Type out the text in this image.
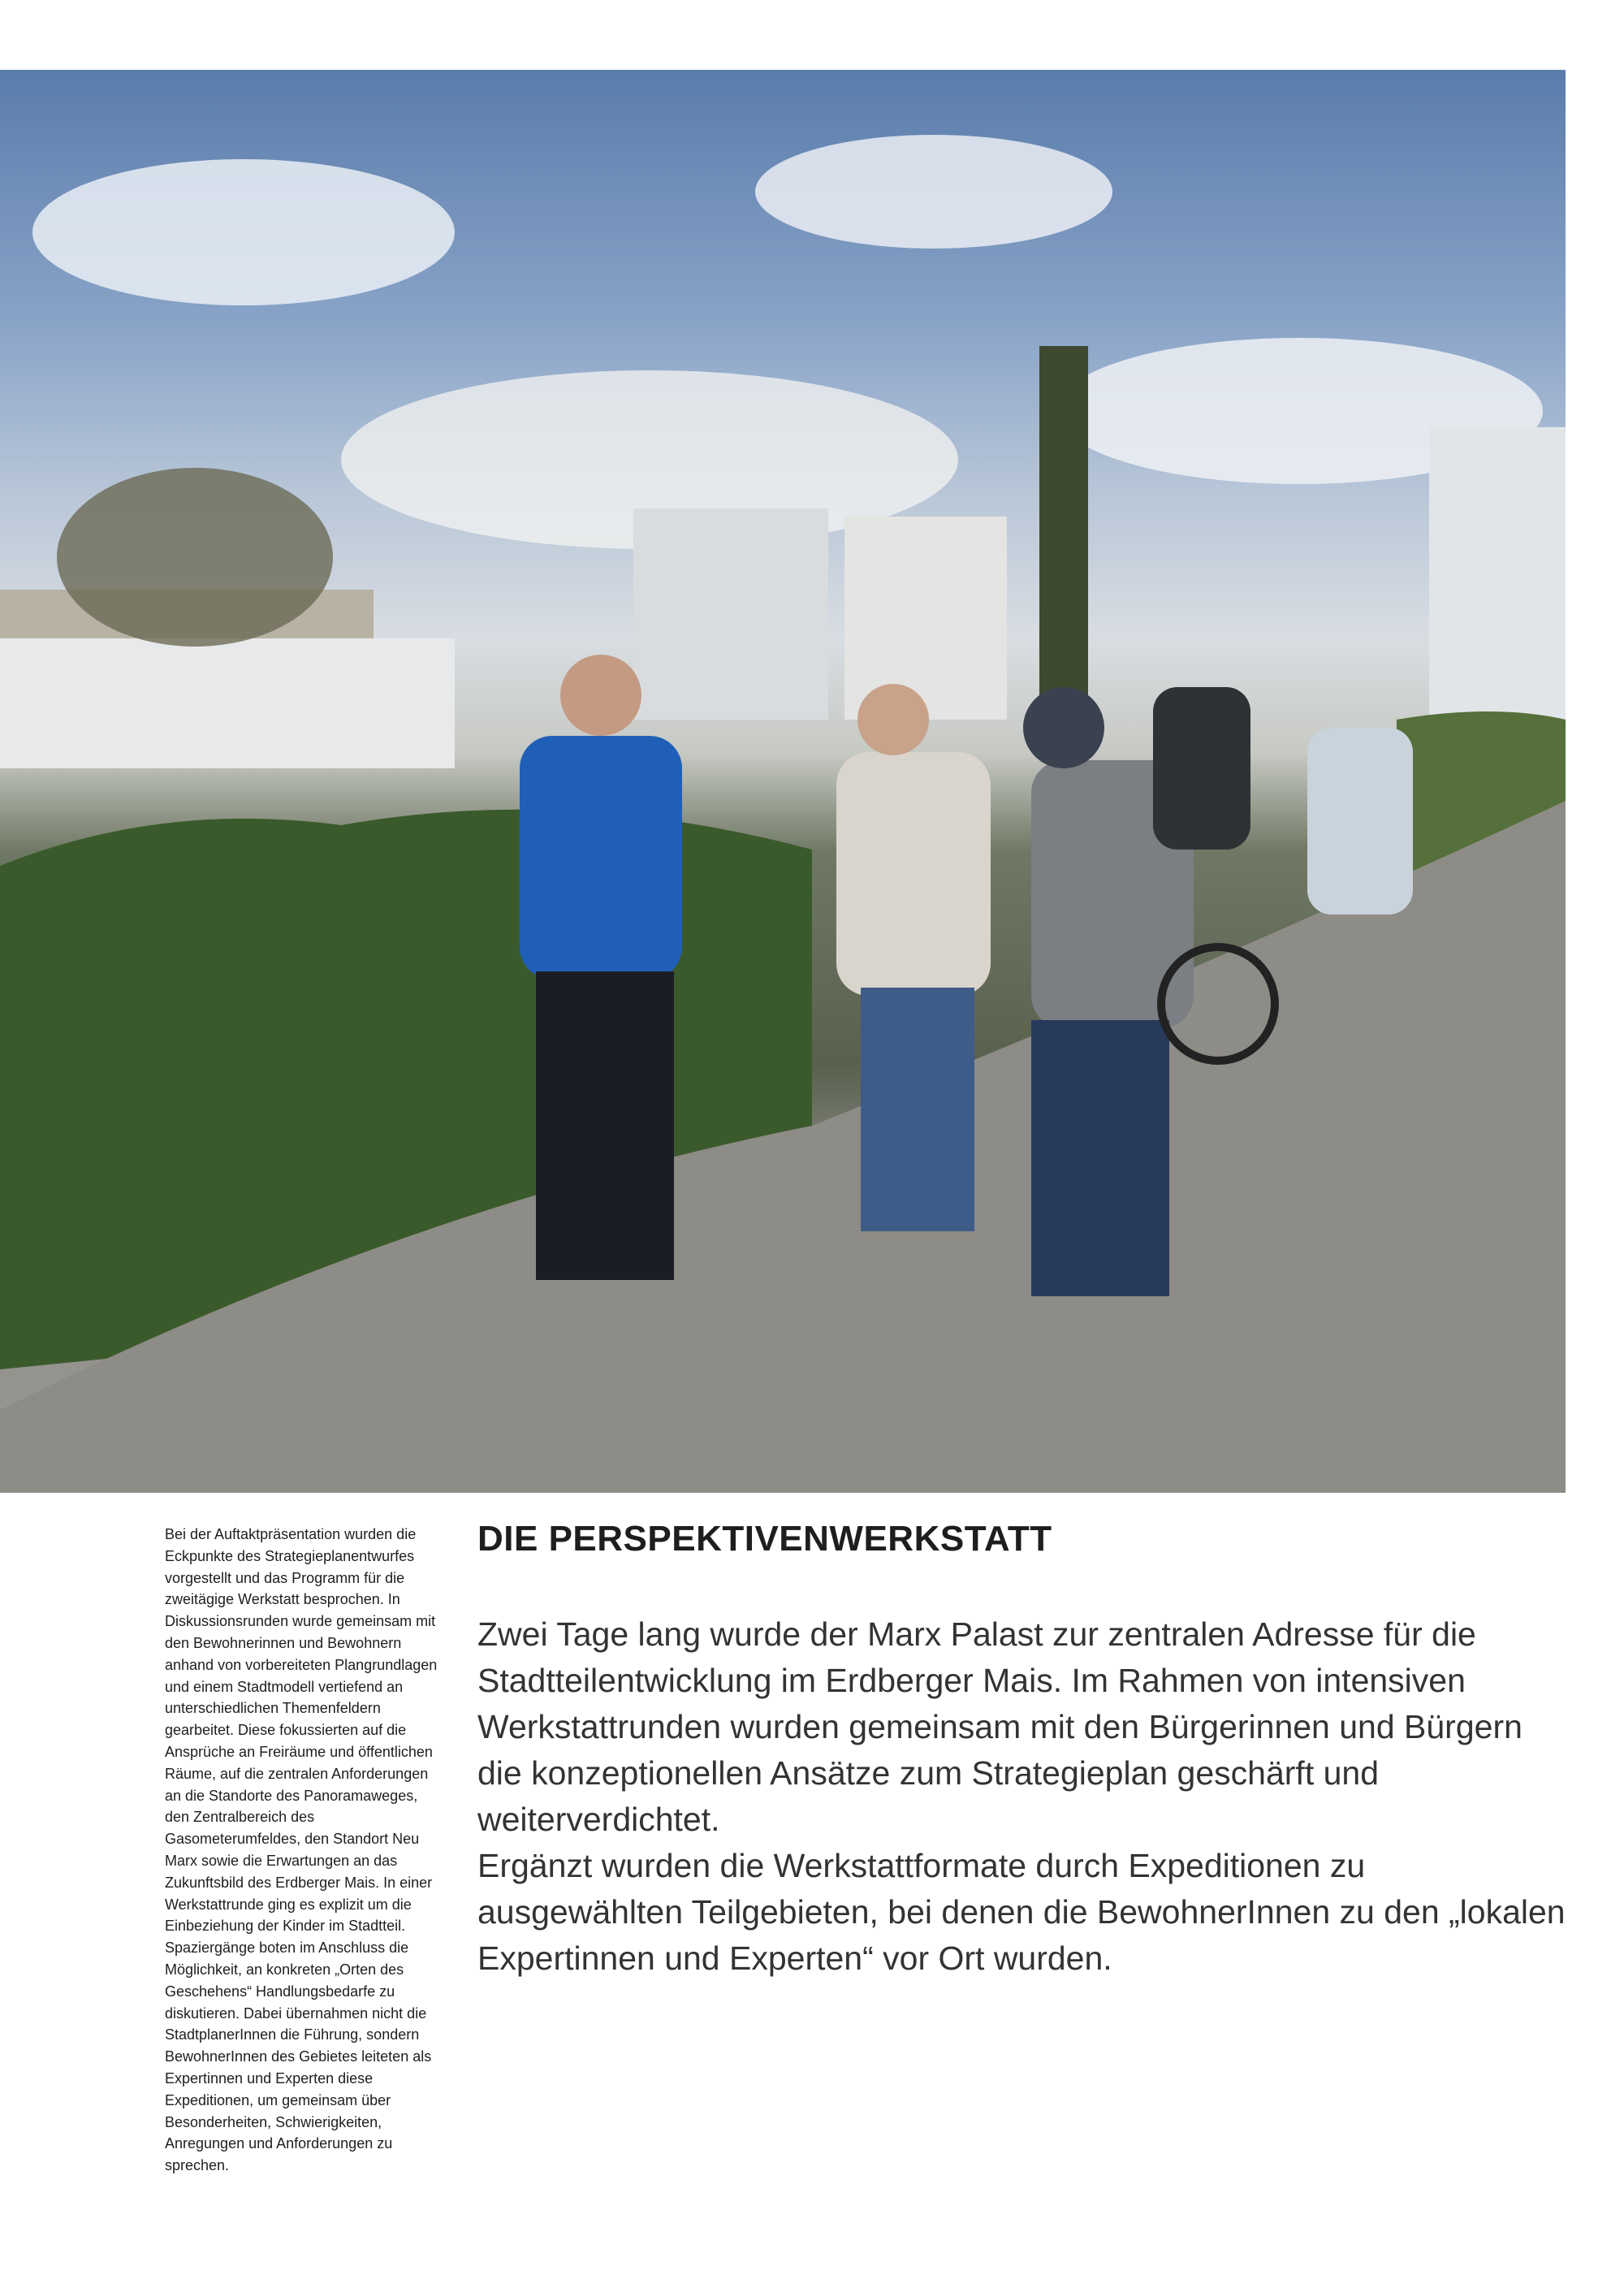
Bei der Auftaktpräsentation wurden die Eckpunkte des Strategieplanentwurfes vorgestellt und das Programm für die zweitägige Werkstatt besprochen. In Diskussionsrunden wurde gemeinsam mit den Bewohnerinnen und Bewohnern anhand von vorbereiteten Plangrundlagen und einem Stadtmodell vertiefend an unterschiedlichen Themenfeldern gearbeitet. Diese fokussierten auf die Ansprüche an Freiräume und öffentlichen Räume, auf die zentralen Anforderungen an die Standorte des Panoramaweges, den Zentralbereich des Gasometerumfeldes, den Standort Neu Marx sowie die Erwartungen an das Zukunftsbild des Erdberger Mais. In einer Werkstattrunde ging es explizit um die Einbeziehung der Kinder im Stadtteil.

Spaziergänge boten im Anschluss die Möglichkeit, an konkreten „Orten des Geschehens“ Handlungsbedarfe zu diskutieren. Dabei übernahmen nicht die StadtplanerInnen die Führung, sondern BewohnerInnen des Gebietes leiteten als Expertinnen und Experten diese Expeditionen, um gemeinsam über Besonderheiten, Schwierigkeiten, Anregungen und Anforderungen zu sprechen.

DIE PERSPEKTIVENWERKSTATT

Zwei Tage lang wurde der Marx Palast zur zentralen Adresse für die Stadtteilentwicklung im Erdberger Mais. Im Rahmen von intensiven Werkstattrunden wurden gemeinsam mit den Bürgerinnen und Bürgern die konzeptionellen Ansätze zum Strategieplan geschärft und weiterverdichtet.

Ergänzt wurden die Werkstattformate durch Expeditionen zu ausgewählten Teilgebieten, bei denen die BewohnerInnen zu den „lokalen Expertinnen und Experten“ vor Ort wurden.
